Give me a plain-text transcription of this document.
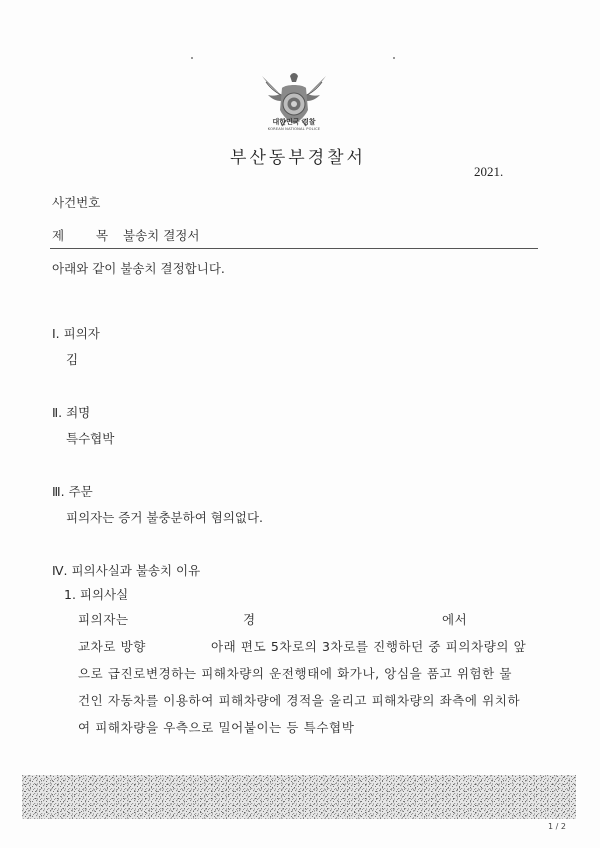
대한민국 경찰
KOREAN NATIONAL POLICE
부산동부경찰서
2021.
사건번호
제 목 불송치 결정서
아래와 같이 불송치 결정합니다.
Ⅰ. 피의자
김
Ⅱ. 죄명
특수협박
Ⅲ. 주문
피의자는 증거 불충분하여 혐의없다.
Ⅳ. 피의사실과 불송치 이유
1. 피의사실
피의자는	경	에서
교차로 방향	아래 편도 5차로의 3차로를 진행하던 중 피의차량의 앞
으로 급진로변경하는 피해차량의 운전행태에 화가나, 앙심을 품고 위험한 물
건인 자동차를 이용하여 피해차량에 경적을 울리고 피해차량의 좌측에 위치하
여 피해차량을 우측으로 밀어붙이는 등 특수협박
1 / 2
